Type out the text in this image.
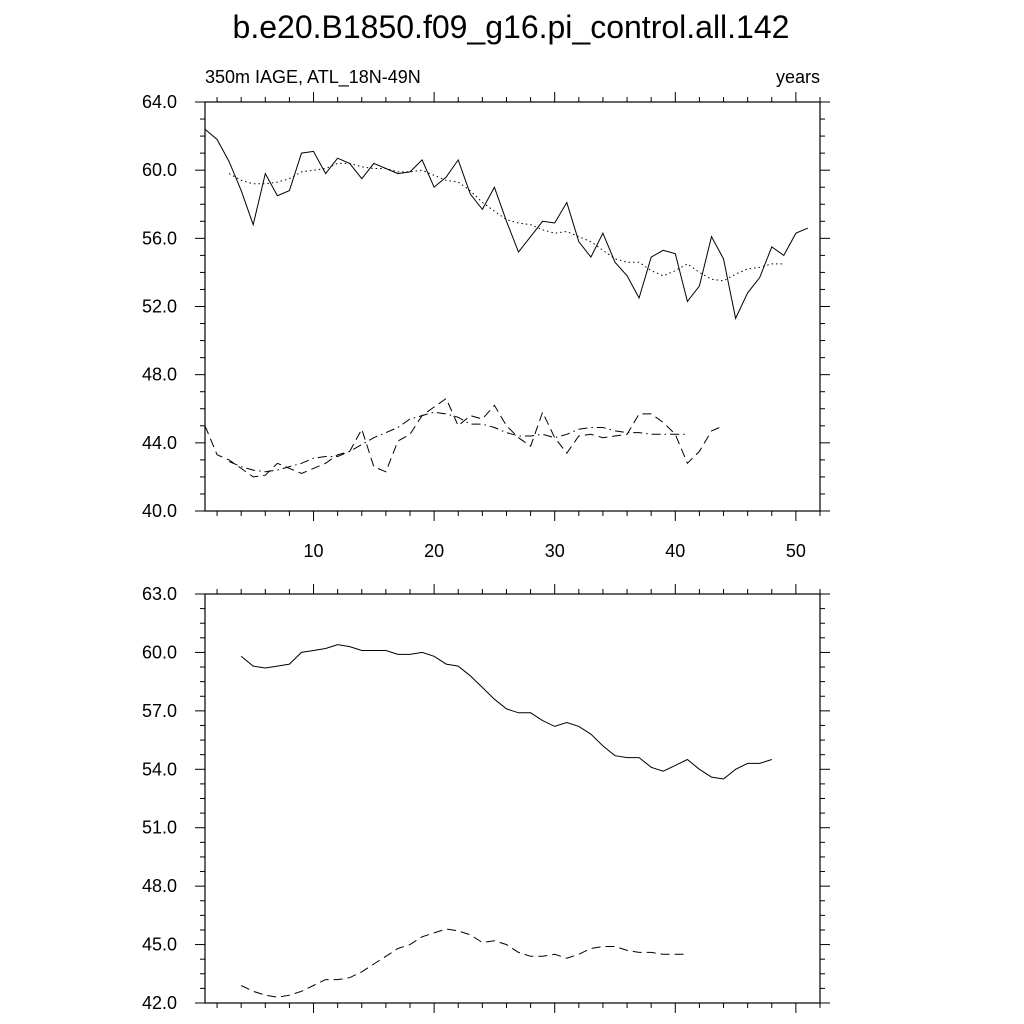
b.e20.B1850.f09_g16.pi_control.all.142
350m IAGE, ATL_18N-49N	years
40.0
44.0
48.0
52.0
56.0
60.0
64.0
10	20	30	40	50
42.0
45.0
48.0
51.0
54.0
57.0
60.0
63.0
